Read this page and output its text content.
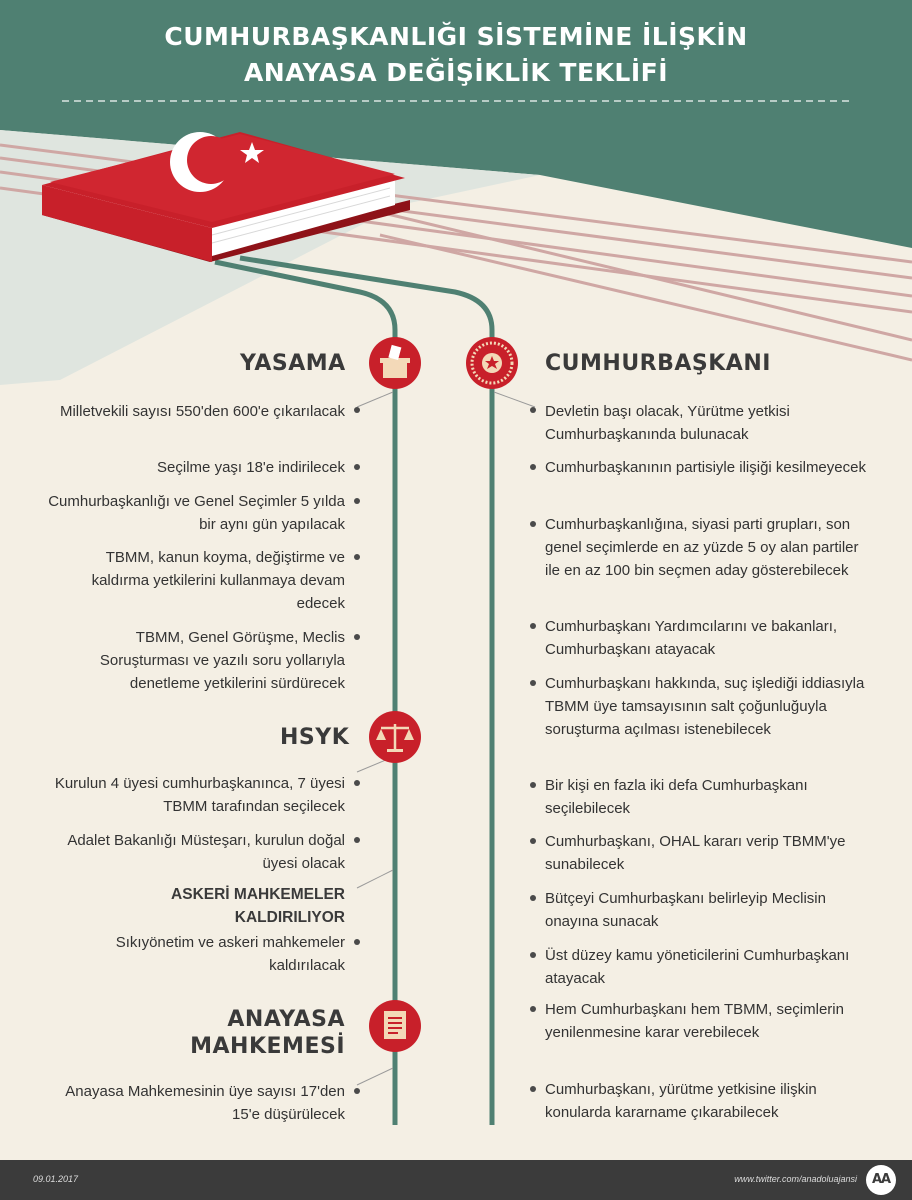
CUMHURBAŞKANLIĞI SİSTEMİNE İLİŞKİN
ANAYASA DEĞİŞİKLİK TEKLİFİ
YASAMA
Milletvekili sayısı 550'den 600'e çıkarılacak
Seçilme yaşı 18'e indirilecek
Cumhurbaşkanlığı ve Genel Seçimler 5 yılda bir aynı gün yapılacak
TBMM, kanun koyma, değiştirme ve kaldırma yetkilerini kullanmaya devam edecek
TBMM, Genel Görüşme, Meclis Soruşturması ve yazılı soru yollarıyla denetleme yetkilerini sürdürecek
HSYK
Kurulun 4 üyesi cumhurbaşkanınca, 7 üyesi TBMM tarafından seçilecek
Adalet Bakanlığı Müsteşarı, kurulun doğal üyesi olacak
ASKERİ MAHKEMELER
KALDIRILIYOR
Sıkıyönetim ve askeri mahkemeler kaldırılacak
ANAYASA
MAHKEMESİ
Anayasa Mahkemesinin üye sayısı 17'den 15'e düşürülecek
CUMHURBAŞKANI
Devletin başı olacak, Yürütme yetkisi Cumhurbaşkanında bulunacak
Cumhurbaşkanının partisiyle ilişiği kesilmeyecek
Cumhurbaşkanlığına, siyasi parti grupları, son genel seçimlerde en az yüzde 5 oy alan partiler ile en az 100 bin seçmen aday gösterebilecek
Cumhurbaşkanı Yardımcılarını ve bakanları, Cumhurbaşkanı atayacak
Cumhurbaşkanı hakkında, suç işlediği iddiasıyla TBMM üye tamsayısının salt çoğunluğuyla soruşturma açılması istenebilecek
Bir kişi en fazla iki defa Cumhurbaşkanı seçilebilecek
Cumhurbaşkanı, OHAL kararı verip TBMM'ye sunabilecek
Bütçeyi Cumhurbaşkanı belirleyip Meclisin onayına sunacak
Üst düzey kamu yöneticilerini Cumhurbaşkanı atayacak
Hem Cumhurbaşkanı hem TBMM, seçimlerin yenilenmesine karar verebilecek
Cumhurbaşkanı, yürütme yetkisine ilişkin konularda kararname çıkarabilecek
09.01.2017	www.twitter.com/anadoluajansi	AA
